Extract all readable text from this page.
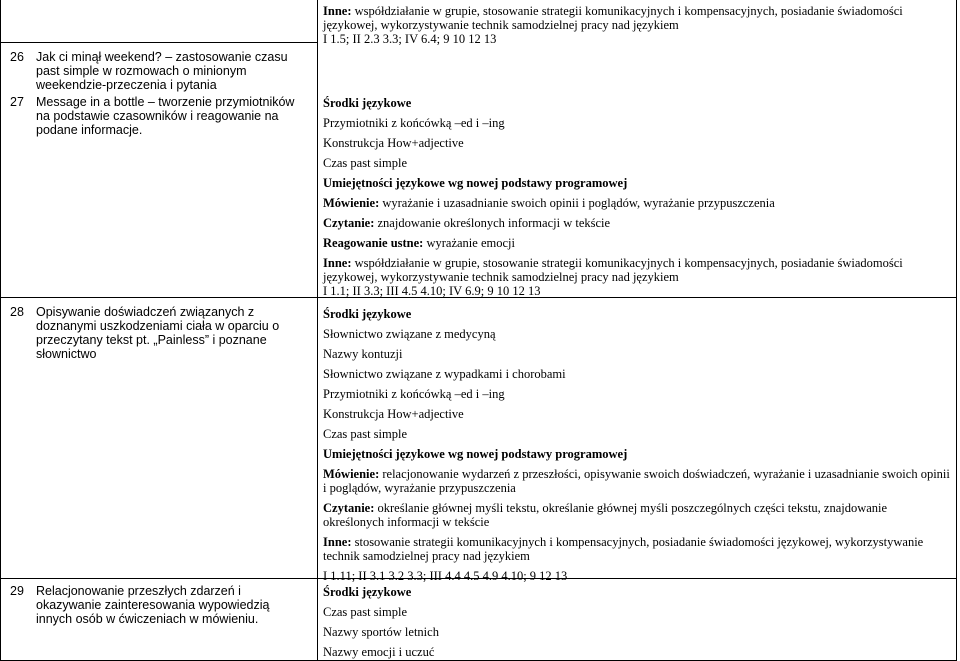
26 Jak ci minął weekend? – zastosowanie czasu past simple w rozmowach o minionym weekendzie-przeczenia i pytania
27 Message in a bottle – tworzenie przymiotników na podstawie czasowników i reagowanie na podane informacje.
28 Opisywanie doświadczeń związanych z doznanymi uszkodzeniami ciała w oparciu o przeczytany tekst pt. „Painless” i poznane słownictwo
29 Relacjonowanie przeszłych zdarzeń i okazywanie zainteresowania wypowiedzią innych osób w ćwiczeniach w mówieniu.

Inne: współdziałanie w grupie, stosowanie strategii komunikacyjnych i kompensacyjnych, posiadanie świadomości językowej, wykorzystywanie technik samodzielnej pracy nad językiem

I 1.5; II 2.3 3.3; IV 6.4; 9 10 12 13

Środki językowe

Przymiotniki z końcówką –ed i –ing

Konstrukcja How+adjective

Czas past simple

Umiejętności językowe wg nowej podstawy programowej

Mówienie: wyrażanie i uzasadnianie swoich opinii i poglądów, wyrażanie przypuszczenia

Czytanie: znajdowanie określonych informacji w tekście

Reagowanie ustne: wyrażanie emocji

Inne: współdziałanie w grupie, stosowanie strategii komunikacyjnych i kompensacyjnych, posiadanie świadomości językowej, wykorzystywanie technik samodzielnej pracy nad językiem

I 1.1; II 3.3; III 4.5 4.10; IV 6.9; 9 10 12 13

Środki językowe

Słownictwo związane z medycyną

Nazwy kontuzji

Słownictwo związane z wypadkami i chorobami

Przymiotniki z końcówką –ed i –ing

Konstrukcja How+adjective

Czas past simple

Umiejętności językowe wg nowej podstawy programowej

Mówienie: relacjonowanie wydarzeń z przeszłości, opisywanie swoich doświadczeń, wyrażanie i uzasadnianie swoich opinii i poglądów, wyrażanie przypuszczenia

Czytanie: określanie głównej myśli tekstu, określanie głównej myśli poszczególnych części tekstu, znajdowanie określonych informacji w tekście

Inne: stosowanie strategii komunikacyjnych i kompensacyjnych, posiadanie świadomości językowej, wykorzystywanie technik samodzielnej pracy nad językiem

I 1.11; II 3.1 3.2 3.3; III 4.4 4.5 4.9 4.10; 9 12 13

Środki językowe

Czas past simple

Nazwy sportów letnich

Nazwy emocji i uczuć
